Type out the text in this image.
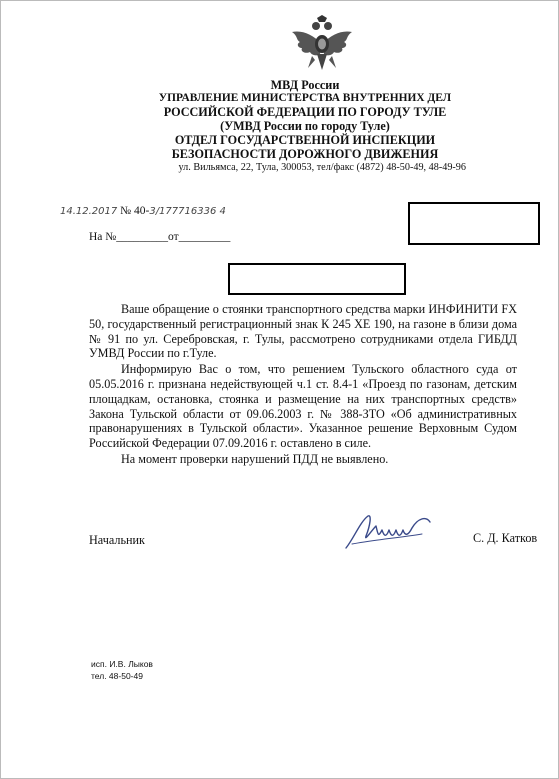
МВД России
УПРАВЛЕНИЕ МИНИСТЕРСТВА ВНУТРЕННИХ ДЕЛ
РОССИЙСКОЙ ФЕДЕРАЦИИ ПО ГОРОДУ ТУЛЕ
(УМВД России по городу Туле)
ОТДЕЛ ГОСУДАРСТВЕННОЙ ИНСПЕКЦИИ
БЕЗОПАСНОСТИ ДОРОЖНОГО ДВИЖЕНИЯ
ул. Вильямса, 22, Тула, 300053, тел/факс (4872) 48-50-49, 48-49-96
14.12.2017 № 40-3/177716336 4
На №_________от_________

Ваше обращение о стоянки транспортного средства марки ИНФИНИТИ FX 50, государственный регистрационный знак К 245 ХЕ 190, на газоне в близи дома № 91 по ул. Серебровская, г. Тулы, рассмотрено сотрудниками отдела ГИБДД УМВД России по г.Туле.

Информирую Вас о том, что решением Тульского областного суда от 05.05.2016 г. признана недействующей ч.1 ст. 8.4-1 «Проезд по газонам, детским площадкам, остановка, стоянка и размещение на них транспортных средств» Закона Тульской области от 09.06.2003 г. № 388-ЗТО «Об административных правонарушениях в Тульской области». Указанное решение Верховным Судом Российской Федерации 07.09.2016 г. оставлено в силе.

На момент проверки нарушений ПДД не выявлено.

Начальник	С. Д. Катков
исп. И.В. Лыков
тел. 48-50-49
